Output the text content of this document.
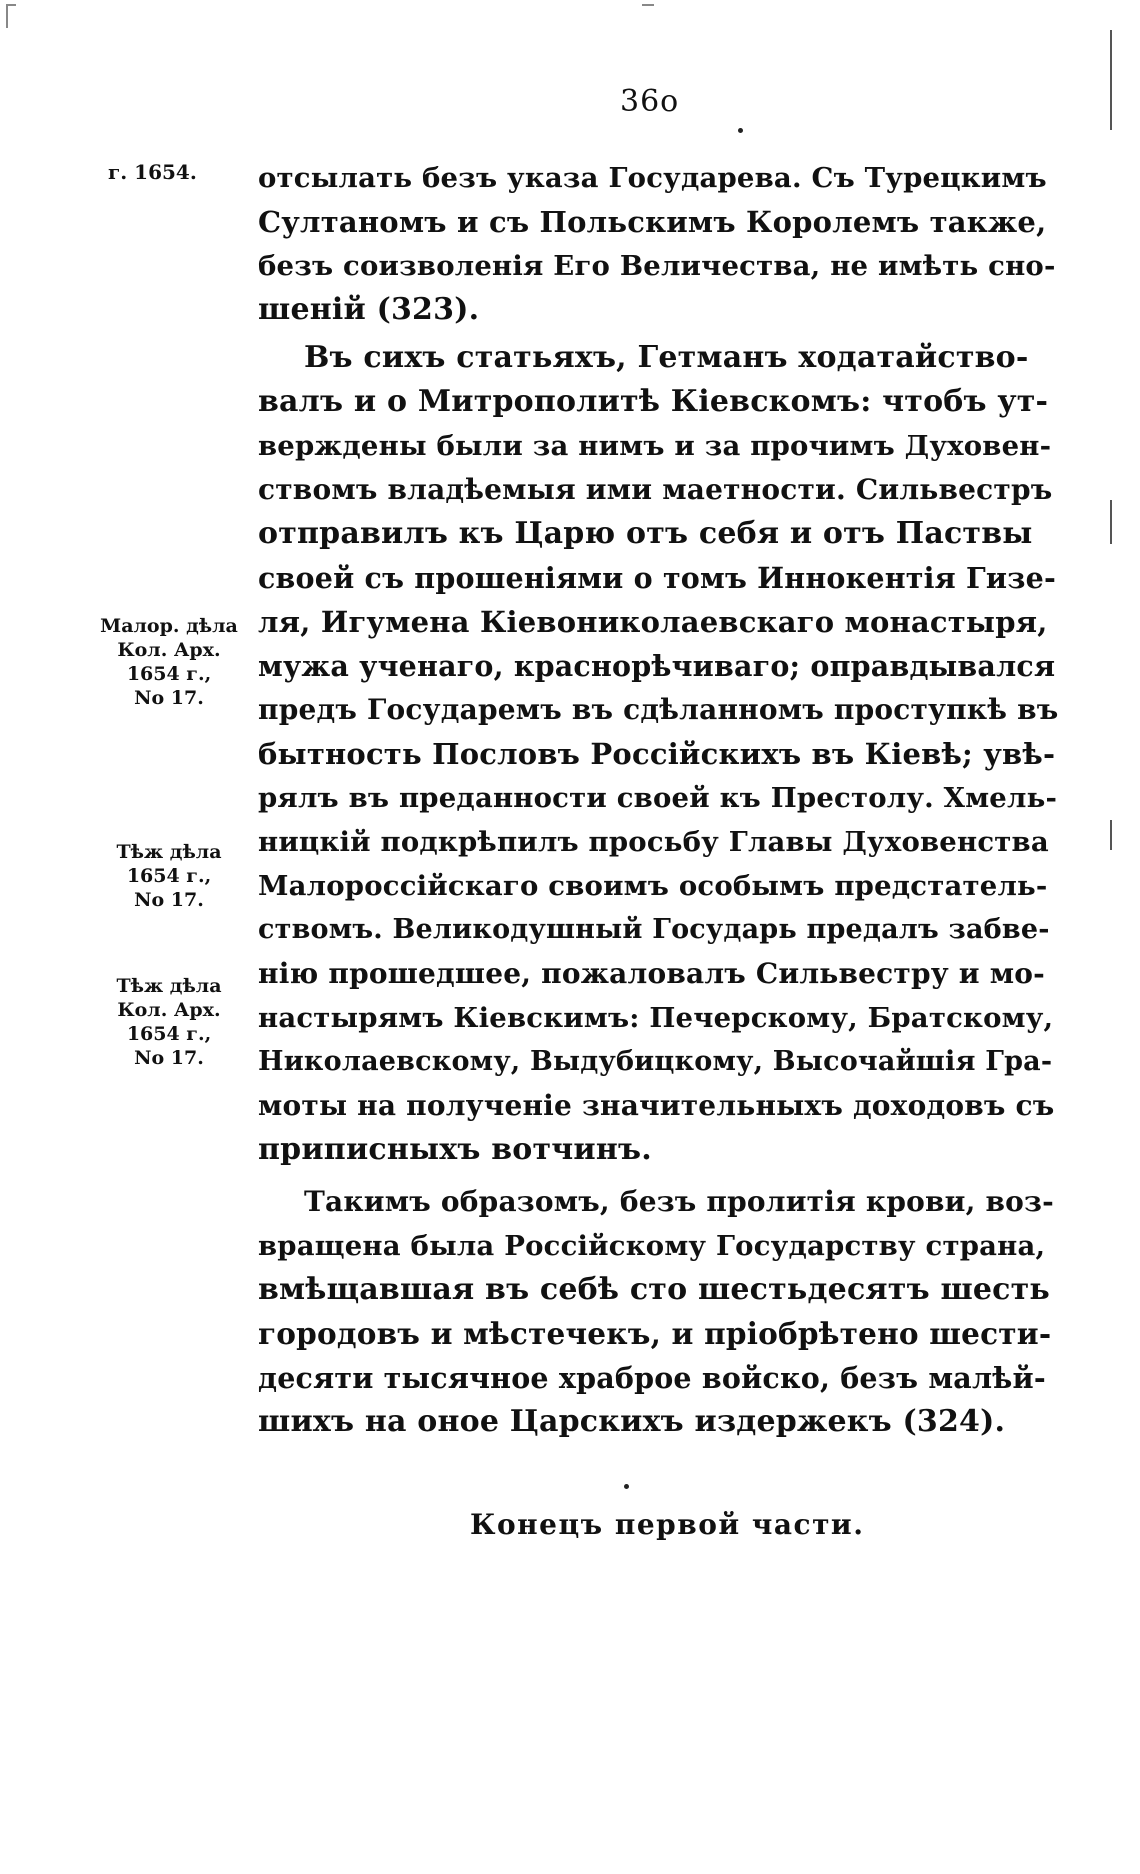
36o
г. 1654.
Малор. дѣла
Кол. Арх.
1654 г.,
No 17.
Тѣж дѣла
1654 г.,
No 17.
Тѣж дѣла
Кол. Арх.
1654 г.,
No 17.
отсылать безъ указа Государева. Съ Турецкимъ
Султаномъ и съ Польскимъ Королемъ также,
безъ соизволенія Его Величества, не имѣть сно-
шеній (323).
Въ сихъ статьяхъ, Гетманъ ходатайство-
валъ и о Митрополитѣ Кіевскомъ: чтобъ ут-
верждены были за нимъ и за прочимъ Духовен-
ствомъ владѣемыя ими маетности. Сильвестръ
отправилъ къ Царю отъ себя и отъ Паствы
своей съ прошеніями о томъ Иннокентія Гизе-
ля, Игумена Кіевониколаевскаго монастыря,
мужа ученаго, краснорѣчиваго; оправдывался
предъ Государемъ въ сдѣланномъ проступкѣ въ
бытность Пословъ Россійскихъ въ Кіевѣ; увѣ-
рялъ въ преданности своей къ Престолу. Хмель-
ницкій подкрѣпилъ просьбу Главы Духовенства
Малороссійскаго своимъ особымъ предстатель-
ствомъ. Великодушный Государь предалъ забве-
нію прошедшее, пожаловалъ Сильвестру и мо-
настырямъ Кіевскимъ: Печерскому, Братскому,
Николаевскому, Выдубицкому, Высочайшія Гра-
моты на полученіе значительныхъ доходовъ съ
приписныхъ вотчинъ.
Такимъ образомъ, безъ пролитія крови, воз-
вращена была Россійскому Государству страна,
вмѣщавшая въ себѣ сто шестьдесятъ шесть
городовъ и мѣстечекъ, и пріобрѣтено шести-
десяти тысячное храброе войско, безъ малѣй-
шихъ на оное Царскихъ издержекъ (324).
Конецъ первой части.
